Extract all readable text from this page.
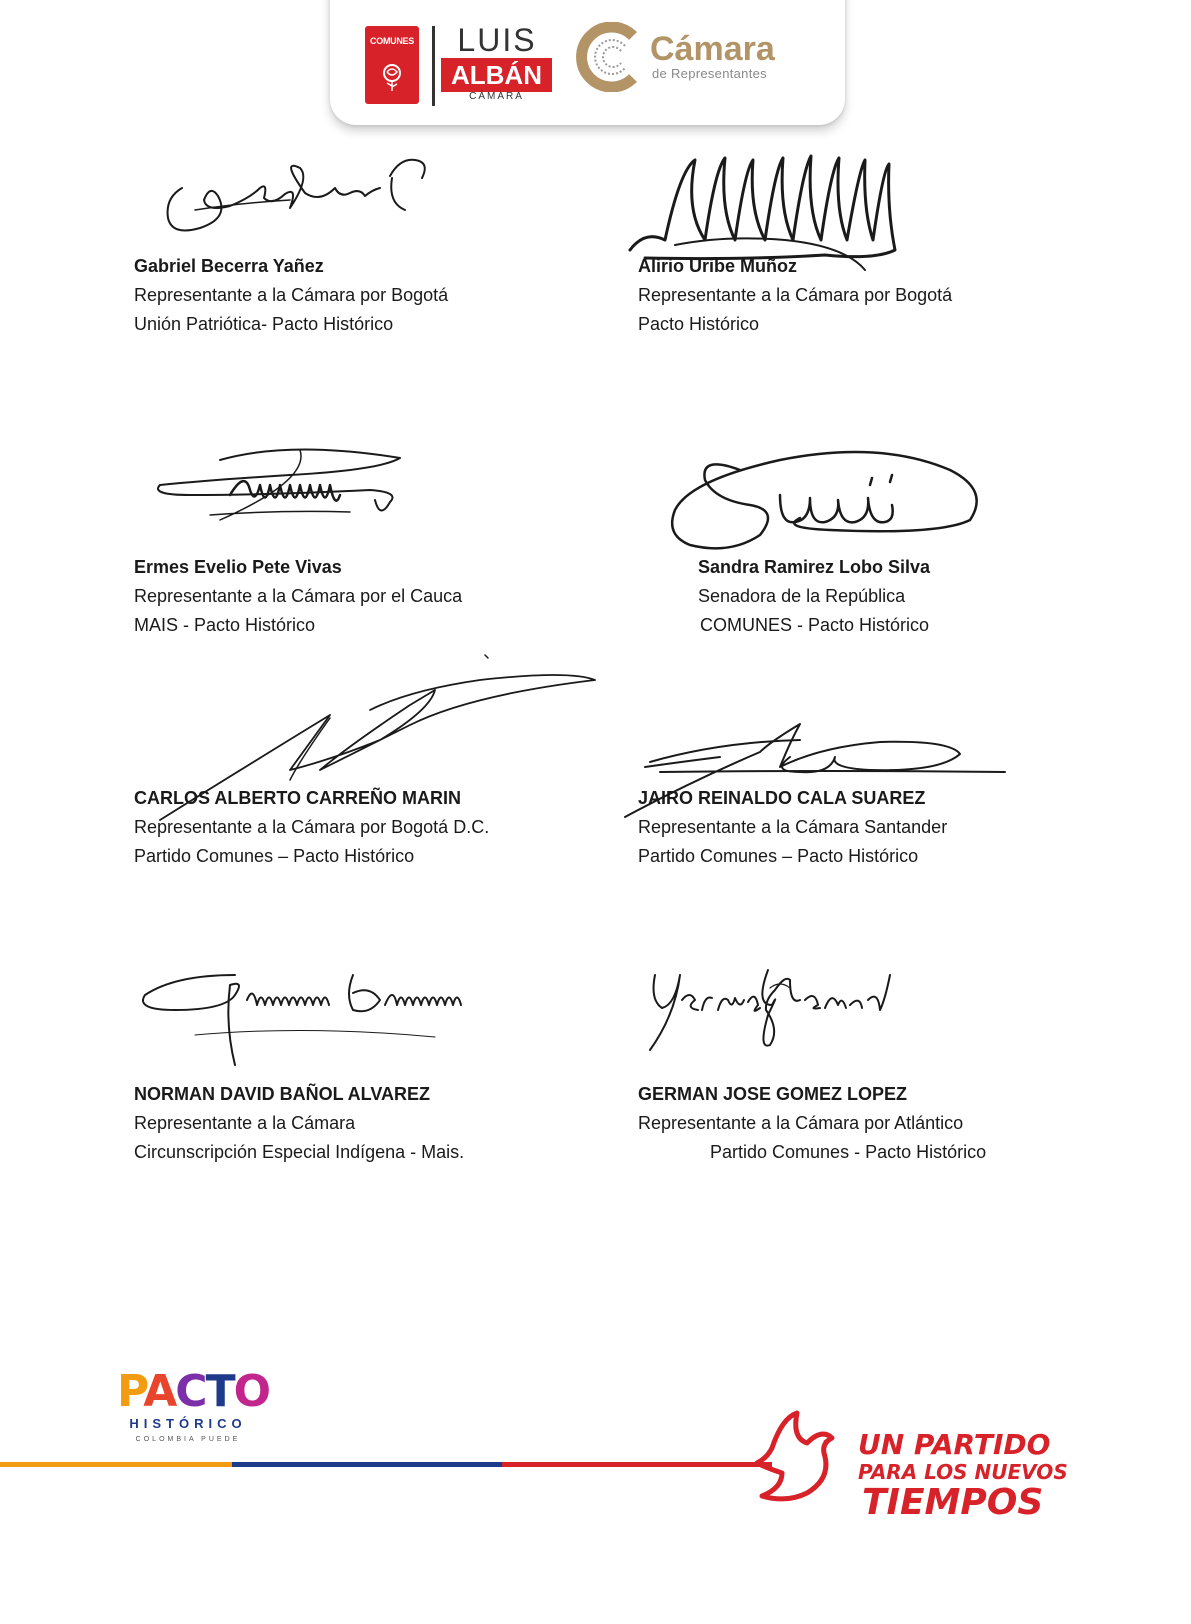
COMUNES	LUIS
ALBÁN
CÁMARA
Cámara
de Representantes
Gabriel Becerra Yañez
Representante a la Cámara por Bogotá
Unión Patriótica- Pacto Histórico
Alirio Uribe Muñoz
Representante a la Cámara por Bogotá
Pacto Histórico
Ermes Evelio Pete Vivas
Representante a la Cámara por el Cauca
MAIS - Pacto Histórico
Sandra Ramirez Lobo Silva
Senadora de la República
COMUNES - Pacto Histórico
CARLOS ALBERTO CARREÑO MARIN
Representante a la Cámara por Bogotá D.C.
Partido Comunes – Pacto Histórico
JAIRO REINALDO CALA SUAREZ
Representante a la Cámara Santander
Partido Comunes – Pacto Histórico
NORMAN DAVID BAÑOL ALVAREZ
Representante a la Cámara
Circunscripción Especial Indígena - Mais.
GERMAN JOSE GOMEZ LOPEZ
Representante a la Cámara por Atlántico
Partido Comunes - Pacto Histórico
PACTO
HISTÓRICO
COLOMBIA PUEDE	UN PARTIDO
PARA LOS NUEVOS
TIEMPOS
